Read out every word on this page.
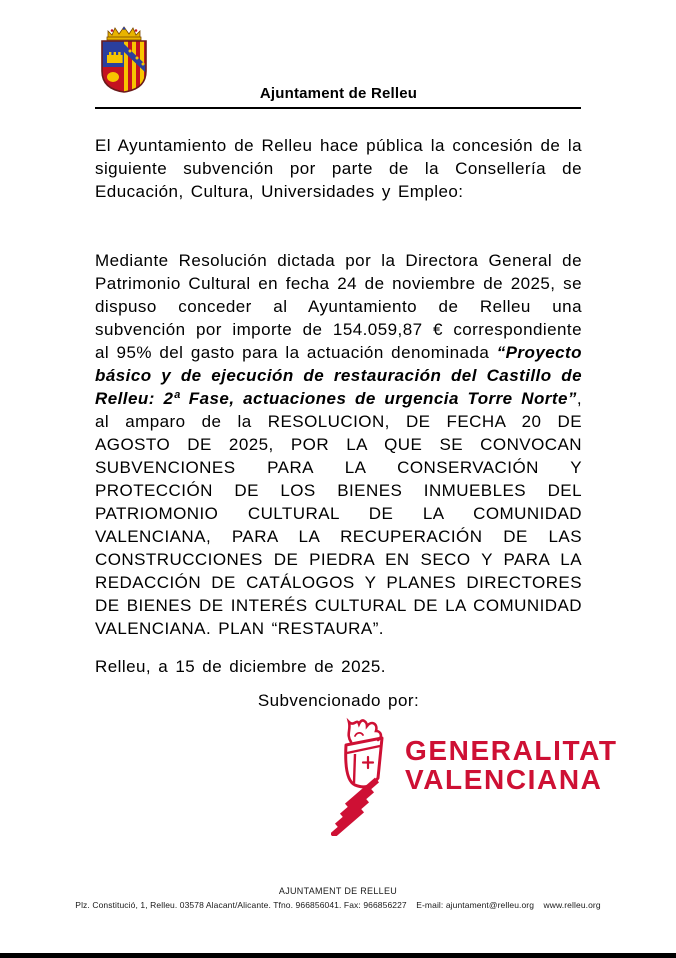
Ajuntament de Relleu

El Ayuntamiento de Relleu hace pública la concesión de la siguiente subvención por parte de la Consellería de Educación, Cultura, Universidades y Empleo:

Mediante Resolución dictada por la Directora General de Patrimonio Cultural en fecha 24 de noviembre de 2025, se dispuso conceder al Ayuntamiento de Relleu una subvención por importe de 154.059,87 € correspondiente al 95% del gasto para la actuación denominada “Proyecto básico y de ejecución de restauración del Castillo de Relleu: 2ª Fase, actuaciones de urgencia Torre Norte”, al amparo de la RESOLUCION, DE FECHA 20 DE AGOSTO DE 2025, POR LA QUE SE CONVOCAN SUBVENCIONES PARA LA CONSERVACIÓN Y PROTECCIÓN DE LOS BIENES INMUEBLES DEL PATRIOMONIO CULTURAL DE LA COMUNIDAD VALENCIANA, PARA LA RECUPERACIÓN DE LAS CONSTRUCCIONES DE PIEDRA EN SECO Y PARA LA REDACCIÓN DE CATÁLOGOS Y PLANES DIRECTORES DE BIENES DE INTERÉS CULTURAL DE LA COMUNIDAD VALENCIANA. PLAN “RESTAURA”.

Relleu, a 15 de diciembre de 2025.

Subvencionado por:

GENERALITAT
VALENCIANA
AJUNTAMENT DE RELLEU
Plz. Constitució, 1, Relleu. 03578 Alacant/Alicante. Tfno. 966856041. Fax: 966856227 E-mail: ajuntament@relleu.org www.relleu.org
